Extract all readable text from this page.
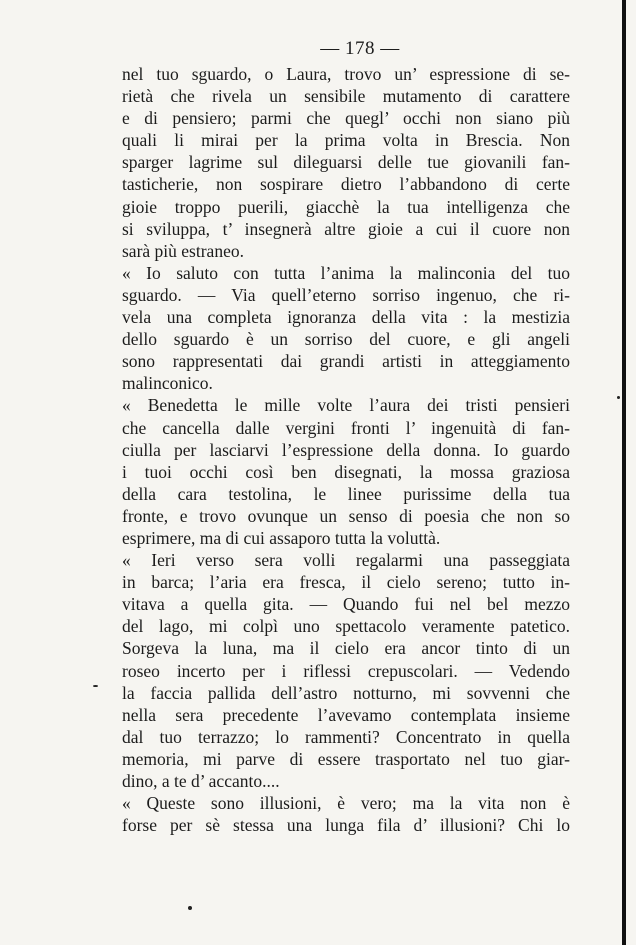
— 178 —
nel tuo sguardo, o Laura, trovo un’ espressione di se-
rietà che rivela un sensibile mutamento di carattere
e di pensiero; parmi che quegl’ occhi non siano più
quali li mirai per la prima volta in Brescia. Non
sparger lagrime sul dileguarsi delle tue giovanili fan-
tasticherie, non sospirare dietro l’abbandono di certe
gioie troppo puerili, giacchè la tua intelligenza che
si sviluppa, t’ insegnerà altre gioie a cui il cuore non
sarà più estraneo.
« Io saluto con tutta l’anima la malinconia del tuo
sguardo. — Via quell’eterno sorriso ingenuo, che ri-
vela una completa ignoranza della vita : la mestizia
dello sguardo è un sorriso del cuore, e gli angeli
sono rappresentati dai grandi artisti in atteggiamento
malinconico.
« Benedetta le mille volte l’aura dei tristi pensieri
che cancella dalle vergini fronti l’ ingenuità di fan-
ciulla per lasciarvi l’espressione della donna. Io guardo
i tuoi occhi così ben disegnati, la mossa graziosa
della cara testolina, le linee purissime della tua
fronte, e trovo ovunque un senso di poesia che non so
esprimere, ma di cui assaporo tutta la voluttà.
« Ieri verso sera volli regalarmi una passeggiata
in barca; l’aria era fresca, il cielo sereno; tutto in-
vitava a quella gita. — Quando fui nel bel mezzo
del lago, mi colpì uno spettacolo veramente patetico.
Sorgeva la luna, ma il cielo era ancor tinto di un
roseo incerto per i riflessi crepuscolari. — Vedendo
la faccia pallida dell’astro notturno, mi sovvenni che
nella sera precedente l’avevamo contemplata insieme
dal tuo terrazzo; lo rammenti? Concentrato in quella
memoria, mi parve di essere trasportato nel tuo giar-
dino, a te d’ accanto....
« Queste sono illusioni, è vero; ma la vita non è
forse per sè stessa una lunga fila d’ illusioni? Chi lo
